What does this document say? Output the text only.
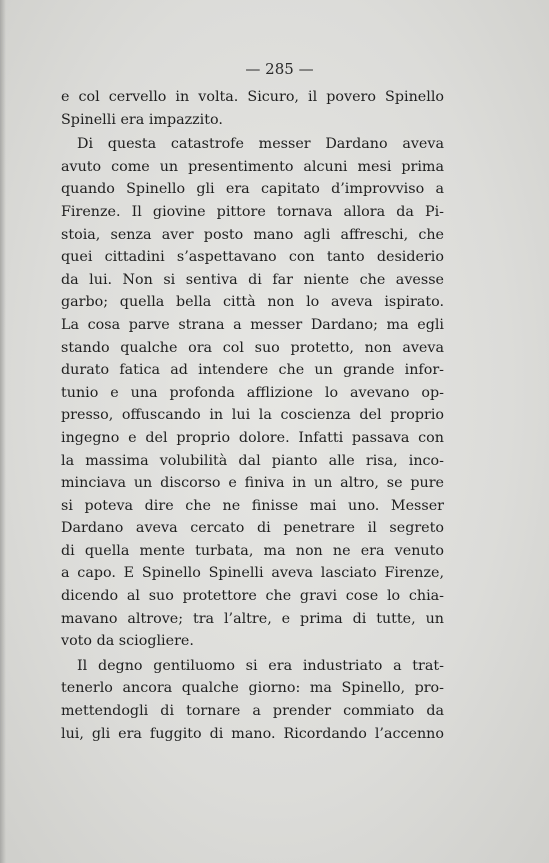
— 285 —
e col cervello in volta. Sicuro, il povero Spinello
Spinelli era impazzito.
Di questa catastrofe messer Dardano aveva
avuto come un presentimento alcuni mesi prima
quando Spinello gli era capitato d’improvviso a
Firenze. Il giovine pittore tornava allora da Pi-
stoia, senza aver posto mano agli affreschi, che
quei cittadini s’aspettavano con tanto desiderio
da lui. Non si sentiva di far niente che avesse
garbo; quella bella città non lo aveva ispirato.
La cosa parve strana a messer Dardano; ma egli
stando qualche ora col suo protetto, non aveva
durato fatica ad intendere che un grande infor-
tunio e una profonda afflizione lo avevano op-
presso, offuscando in lui la coscienza del proprio
ingegno e del proprio dolore. Infatti passava con
la massima volubilità dal pianto alle risa, inco-
minciava un discorso e finiva in un altro, se pure
si poteva dire che ne finisse mai uno. Messer
Dardano aveva cercato di penetrare il segreto
di quella mente turbata, ma non ne era venuto
a capo. E Spinello Spinelli aveva lasciato Firenze,
dicendo al suo protettore che gravi cose lo chia-
mavano altrove; tra l’altre, e prima di tutte, un
voto da sciogliere.
Il degno gentiluomo si era industriato a trat-
tenerlo ancora qualche giorno: ma Spinello, pro-
mettendogli di tornare a prender commiato da
lui, gli era fuggito di mano. Ricordando l’accenno
